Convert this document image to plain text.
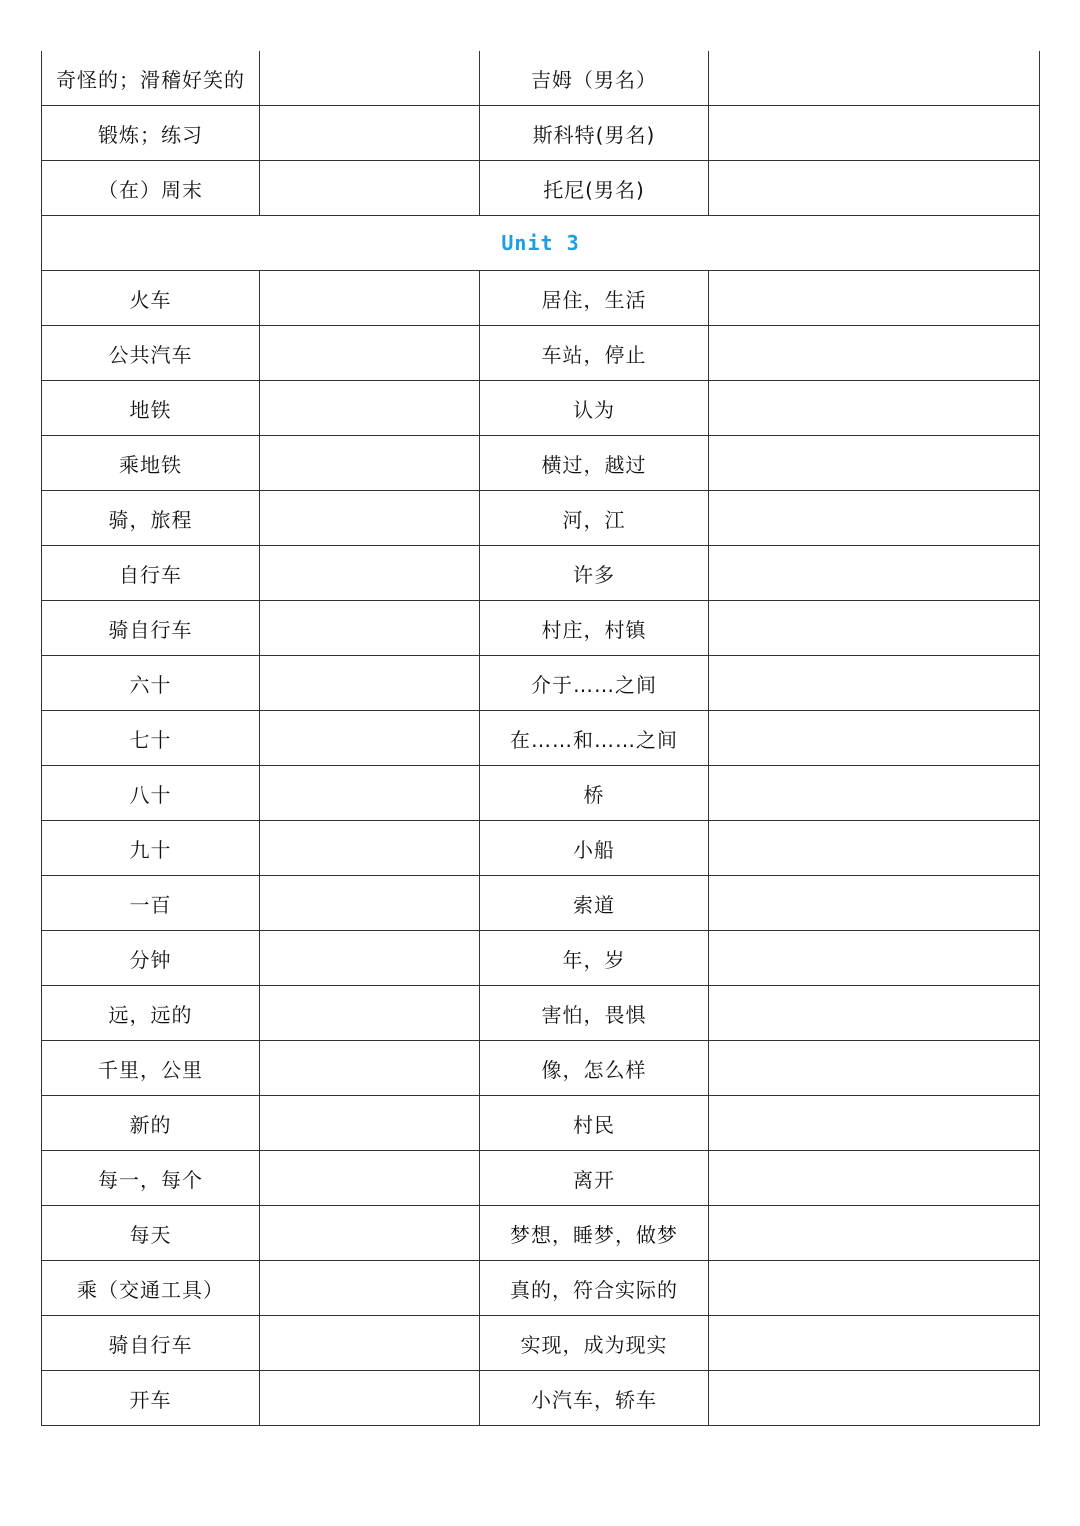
奇怪的；滑稽好笑的		吉姆（男名）	
锻炼；练习		斯科特(男名)	
（在）周末		托尼(男名)	
Unit 3			
火车		居住，生活	
公共汽车		车站，停止	
地铁		认为	
乘地铁		横过，越过	
骑，旅程		河，江	
自行车		许多	
骑自行车		村庄，村镇	
六十		介于……之间	
七十		在……和……之间	
八十		桥	
九十		小船	
一百		索道	
分钟		年，岁	
远，远的		害怕，畏惧	
千里，公里		像，怎么样	
新的		村民	
每一，每个		离开	
每天		梦想，睡梦，做梦	
乘（交通工具）		真的，符合实际的	
骑自行车		实现，成为现实	
开车		小汽车，轿车	
